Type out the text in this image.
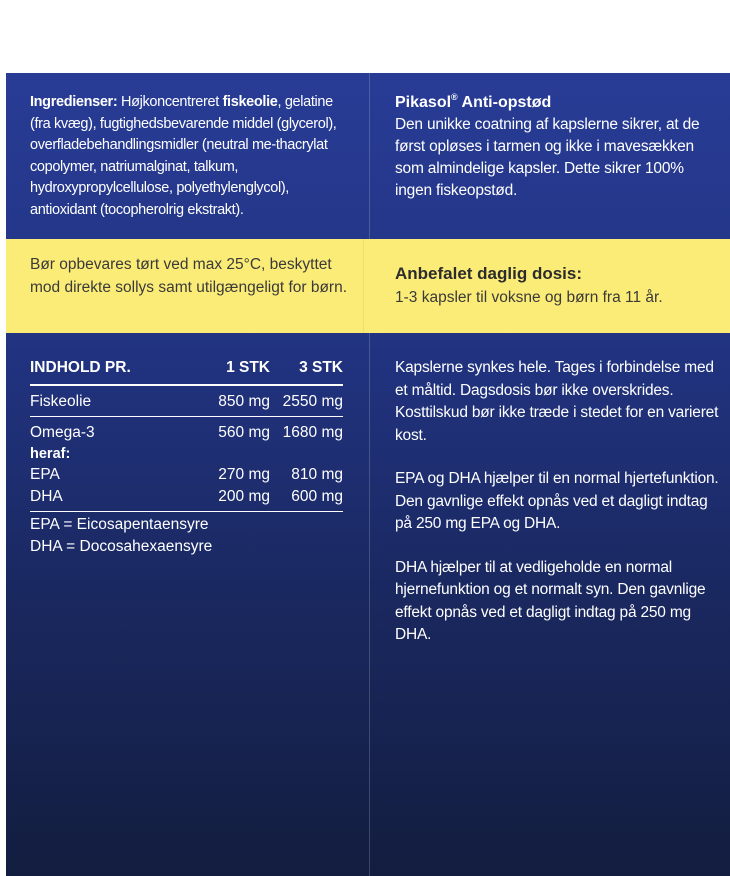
Ingredienser: Højkoncentreret fiskeolie, gelatine (fra kvæg), fugtighedsbevarende middel (glycerol), overfladebehandlingsmidler (neutral me-thacrylat copolymer, natriumalginat, talkum, hydroxypropylcellulose, polyethylenglycol), antioxidant (tocopherolrig ekstrakt).
Pikasol® Anti-opstød
Den unikke coatning af kapslerne sikrer, at de først opløses i tarmen og ikke i mavesækken som almindelige kapsler. Dette sikrer 100% ingen fiskeopstød.
Bør opbevares tørt ved max 25°C, beskyttet mod direkte sollys samt utilgængeligt for børn.
Anbefalet daglig dosis:
1-3 kapsler til voksne og børn fra 11 år.
INDHOLD PR.	1 STK 3 STK
Fiskeolie	850 mg 2550 mg
Omega-3	560 mg 1680 mg
heraf:
EPA	270 mg 810 mg
DHA	200 mg 600 mg
EPA = Eicosapentaensyre
DHA = Docosahexaensyre

Kapslerne synkes hele. Tages i forbindelse med et måltid. Dagsdosis bør ikke overskrides. Kosttilskud bør ikke træde i stedet for en varieret kost.

EPA og DHA hjælper til en normal hjertefunktion. Den gavnlige effekt opnås ved et dagligt indtag på 250 mg EPA og DHA.

DHA hjælper til at vedligeholde en normal hjernefunktion og et normalt syn. Den gavnlige effekt opnås ved et dagligt indtag på 250 mg DHA.
